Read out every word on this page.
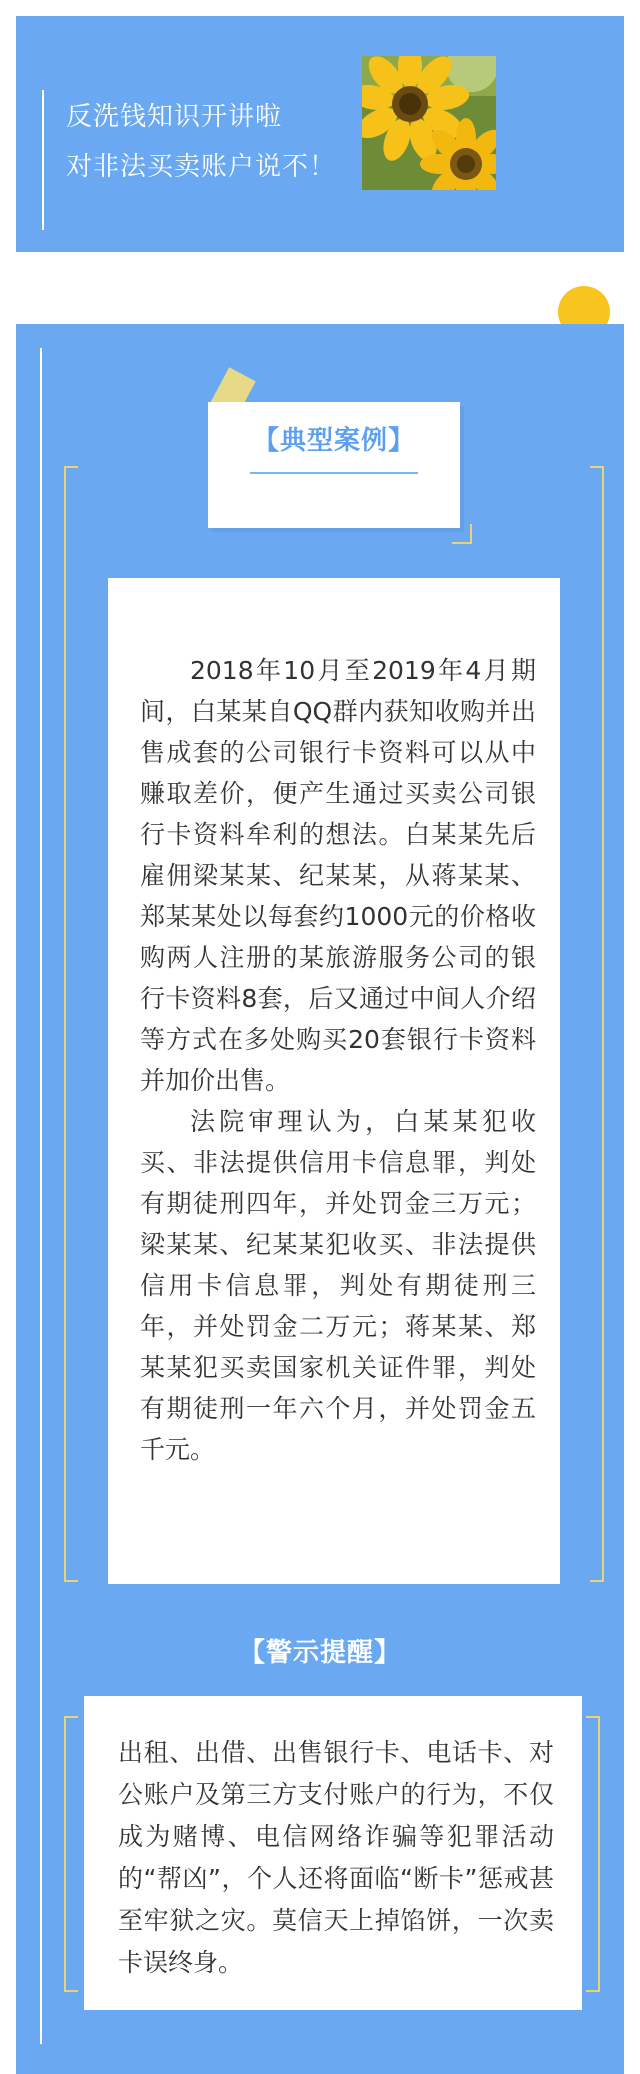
反洗钱知识开讲啦
对非法买卖账户说不！
【典型案例】

2018年10月至2019年4月期间，白某某自QQ群内获知收购并出售成套的公司银行卡资料可以从中赚取差价，便产生通过买卖公司银行卡资料牟利的想法。白某某先后雇佣梁某某、纪某某，从蒋某某、郑某某处以每套约1000元的价格收购两人注册的某旅游服务公司的银行卡资料8套，后又通过中间人介绍等方式在多处购买20套银行卡资料并加价出售。

法院审理认为，白某某犯收买、非法提供信用卡信息罪，判处有期徒刑四年，并处罚金三万元；梁某某、纪某某犯收买、非法提供信用卡信息罪，判处有期徒刑三年，并处罚金二万元；蒋某某、郑某某犯买卖国家机关证件罪，判处有期徒刑一年六个月，并处罚金五千元。

【警示提醒】
出租、出借、出售银行卡、电话卡、对公账户及第三方支付账户的行为，不仅成为赌博、电信网络诈骗等犯罪活动的“帮凶”，个人还将面临“断卡”惩戒甚至牢狱之灾。莫信天上掉馅饼，一次卖卡误终身。
